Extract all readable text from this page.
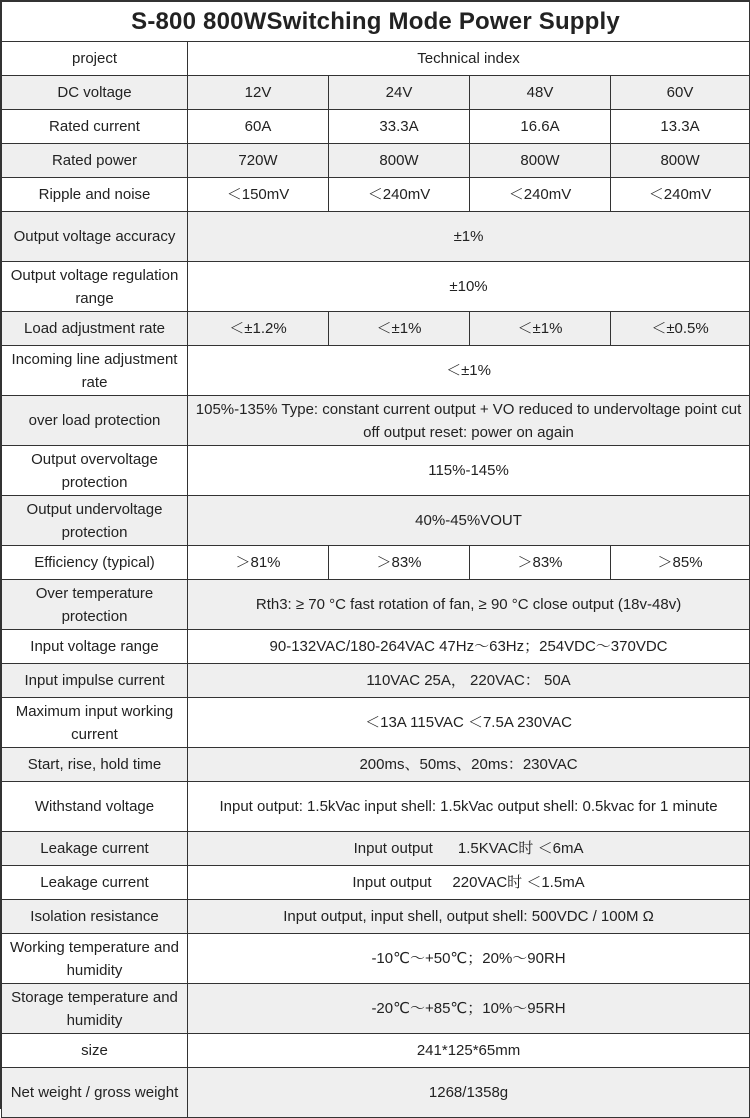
S-800 800WSwitching Mode Power Supply				
project	Technical index			
DC voltage	12V	24V	48V	60V
Rated current	60A	33.3A	16.6A	13.3A
Rated power	720W	800W	800W	800W
Ripple and noise	＜150mV	＜240mV	＜240mV	＜240mV
Output voltage accuracy	±1%			
Output voltage regulation range	±10%			
Load adjustment rate	＜±1.2%	＜±1%	＜±1%	＜±0.5%
Incoming line adjustment rate	＜±1%			
over load protection	105%-135% Type: constant current output + VO reduced to undervoltage point cut off output reset: power on again			
Output overvoltage protection	115%-145%			
Output undervoltage protection	40%-45%VOUT			
Efficiency (typical)	＞81%	＞83%	＞83%	＞85%
Over temperature protection	Rth3: ≥ 70 °C fast rotation of fan, ≥ 90 °C close output (18v-48v)			
Input voltage range	90-132VAC/180-264VAC 47Hz～63Hz；254VDC～370VDC			
Input impulse current	110VAC 25A， 220VAC： 50A			
Maximum input working current	＜13A 115VAC ＜7.5A 230VAC			
Start, rise, hold time	200ms、50ms、20ms：230VAC			
Withstand voltage	Input output: 1.5kVac input shell: 1.5kVac output shell: 0.5kvac for 1 minute			
Leakage current	Input output      1.5KVAC时 ＜6mA			
Leakage current	Input output     220VAC时 ＜1.5mA			
Isolation resistance	Input output, input shell, output shell: 500VDC / 100M Ω			
Working temperature and humidity	-10℃～+50℃；20%～90RH			
Storage temperature and humidity	-20℃～+85℃；10%～95RH			
size	241*125*65mm			
Net weight / gross weight	1268/1358g			
